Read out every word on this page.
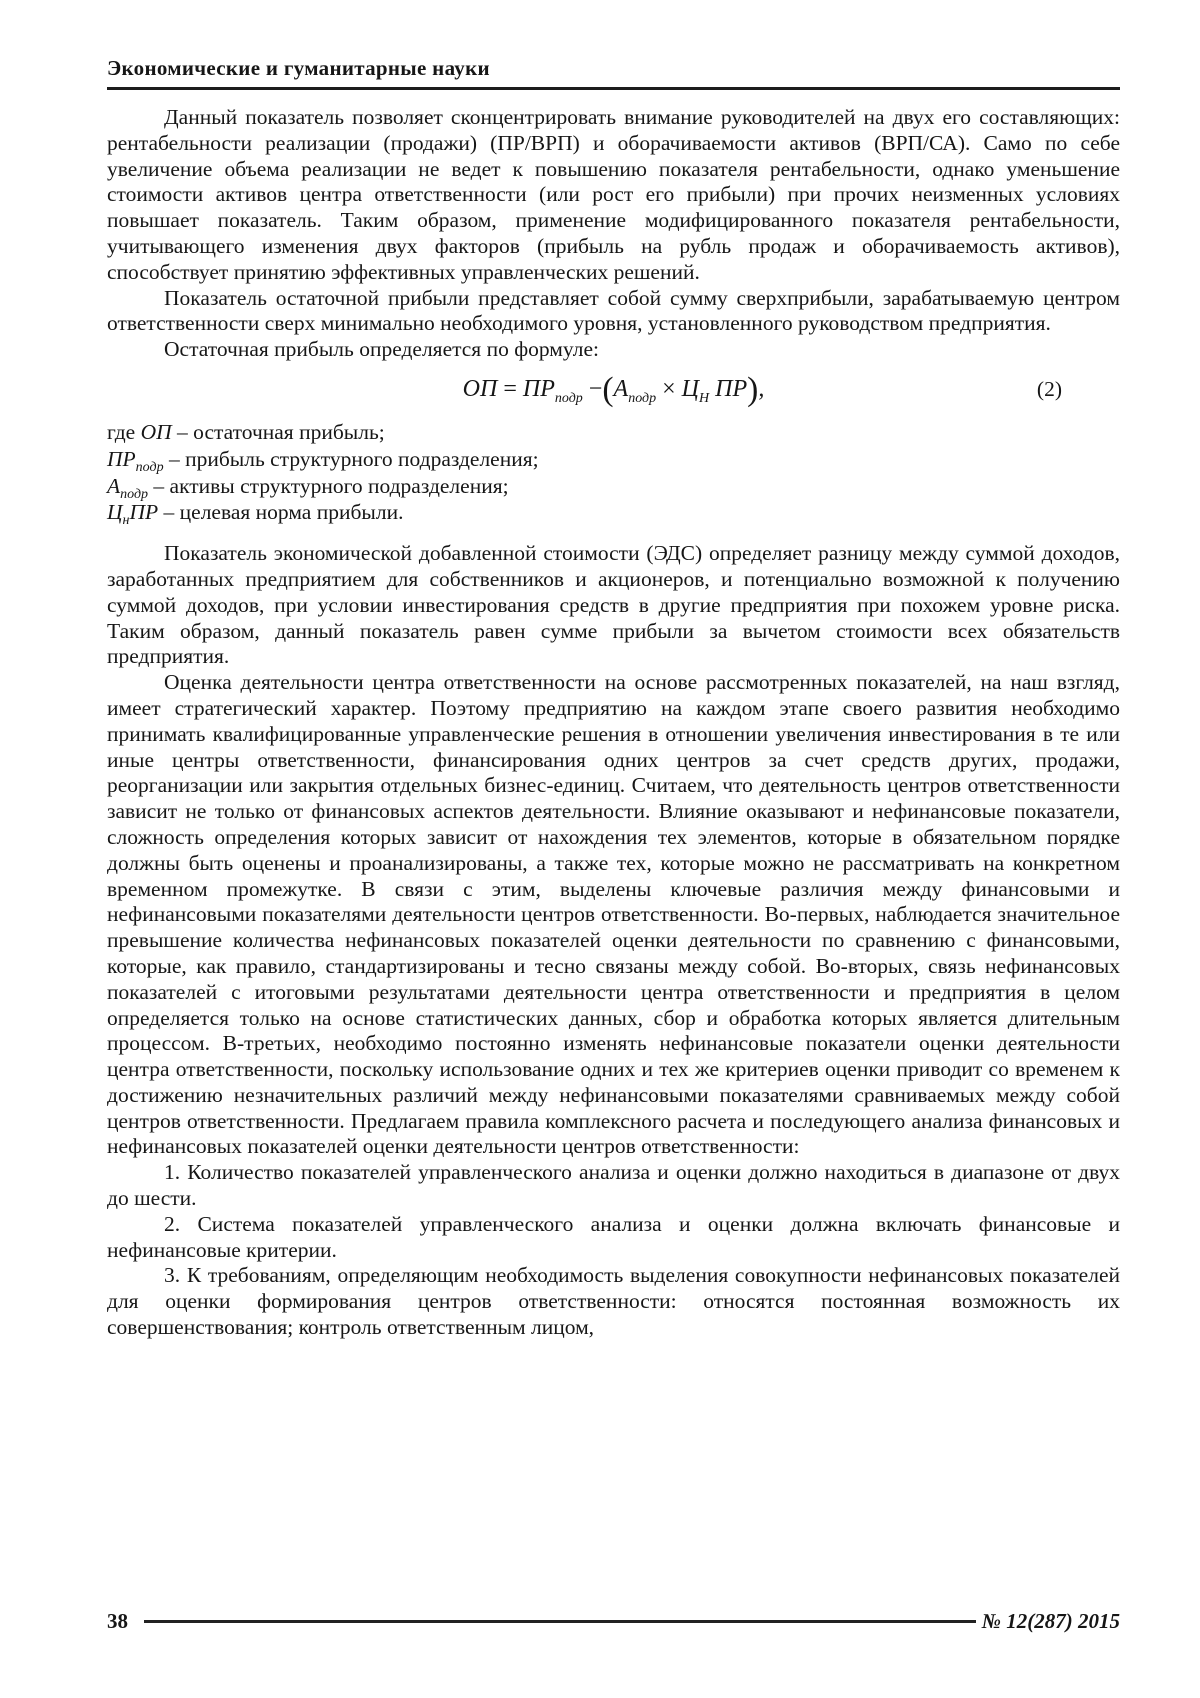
Экономические и гуманитарные науки

Данный показатель позволяет сконцентрировать внимание руководителей на двух его составляющих: рентабельности реализации (продажи) (ПР/ВРП) и оборачиваемости активов (ВРП/СА). Само по себе увеличение объема реализации не ведет к повышению показателя рентабельности, однако уменьшение стоимости активов центра ответственности (или рост его прибыли) при прочих неизменных условиях повышает показатель. Таким образом, применение модифицированного показателя рентабельности, учитывающего изменения двух факторов (прибыль на рубль продаж и оборачиваемость активов), способствует принятию эффективных управленческих решений.

Показатель остаточной прибыли представляет собой сумму сверхприбыли, зарабатываемую центром ответственности сверх минимально необходимого уровня, установленного руководством предприятия.

Остаточная прибыль определяется по формуле:

ОП = $ПР_{подр} -(А_{подр} \times Ц_Н$ ПР),	(2)

где ОП – остаточная прибыль;

$ПР_{подр}$ – прибыль структурного подразделения;

$А_{подр}$ – активы структурного подразделения;

$Ц_нПР$ – целевая норма прибыли.

Показатель экономической добавленной стоимости (ЭДС) определяет разницу между суммой доходов, заработанных предприятием для собственников и акционеров, и потенциально возможной к получению суммой доходов, при условии инвестирования средств в другие предприятия при похожем уровне риска. Таким образом, данный показатель равен сумме прибыли за вычетом стоимости всех обязательств предприятия.

Оценка деятельности центра ответственности на основе рассмотренных показателей, на наш взгляд, имеет стратегический характер. Поэтому предприятию на каждом этапе своего развития необходимо принимать квалифицированные управленческие решения в отношении увеличения инвестирования в те или иные центры ответственности, финансирования одних центров за счет средств других, продажи, реорганизации или закрытия отдельных бизнес-единиц. Считаем, что деятельность центров ответственности зависит не только от финансовых аспектов деятельности. Влияние оказывают и нефинансовые показатели, сложность определения которых зависит от нахождения тех элементов, которые в обязательном порядке должны быть оценены и проанализированы, а также тех, которые можно не рассматривать на конкретном временном промежутке. В связи с этим, выделены ключевые различия между финансовыми и нефинансовыми показателями деятельности центров ответственности. Во-первых, наблюдается значительное превышение количества нефинансовых показателей оценки деятельности по сравнению с финансовыми, которые, как правило, стандартизированы и тесно связаны между собой. Во-вторых, связь нефинансовых показателей с итоговыми результатами деятельности центра ответственности и предприятия в целом определяется только на основе статистических данных, сбор и обработка которых является длительным процессом. В-третьих, необходимо постоянно изменять нефинансовые показатели оценки деятельности центра ответственности, поскольку использование одних и тех же критериев оценки приводит со временем к достижению незначительных различий между нефинансовыми показателями сравниваемых между собой центров ответственности. Предлагаем правила комплексного расчета и последующего анализа финансовых и нефинансовых показателей оценки деятельности центров ответственности:

1. Количество показателей управленческого анализа и оценки должно находиться в диапазоне от двух до шести.

2. Система показателей управленческого анализа и оценки должна включать финансовые и нефинансовые критерии.

3. К требованиям, определяющим необходимость выделения совокупности нефинансовых показателей для оценки формирования центров ответственности: относятся постоянная возможность их совершенствования; контроль ответственным лицом,

38	№ 12(287) 2015
